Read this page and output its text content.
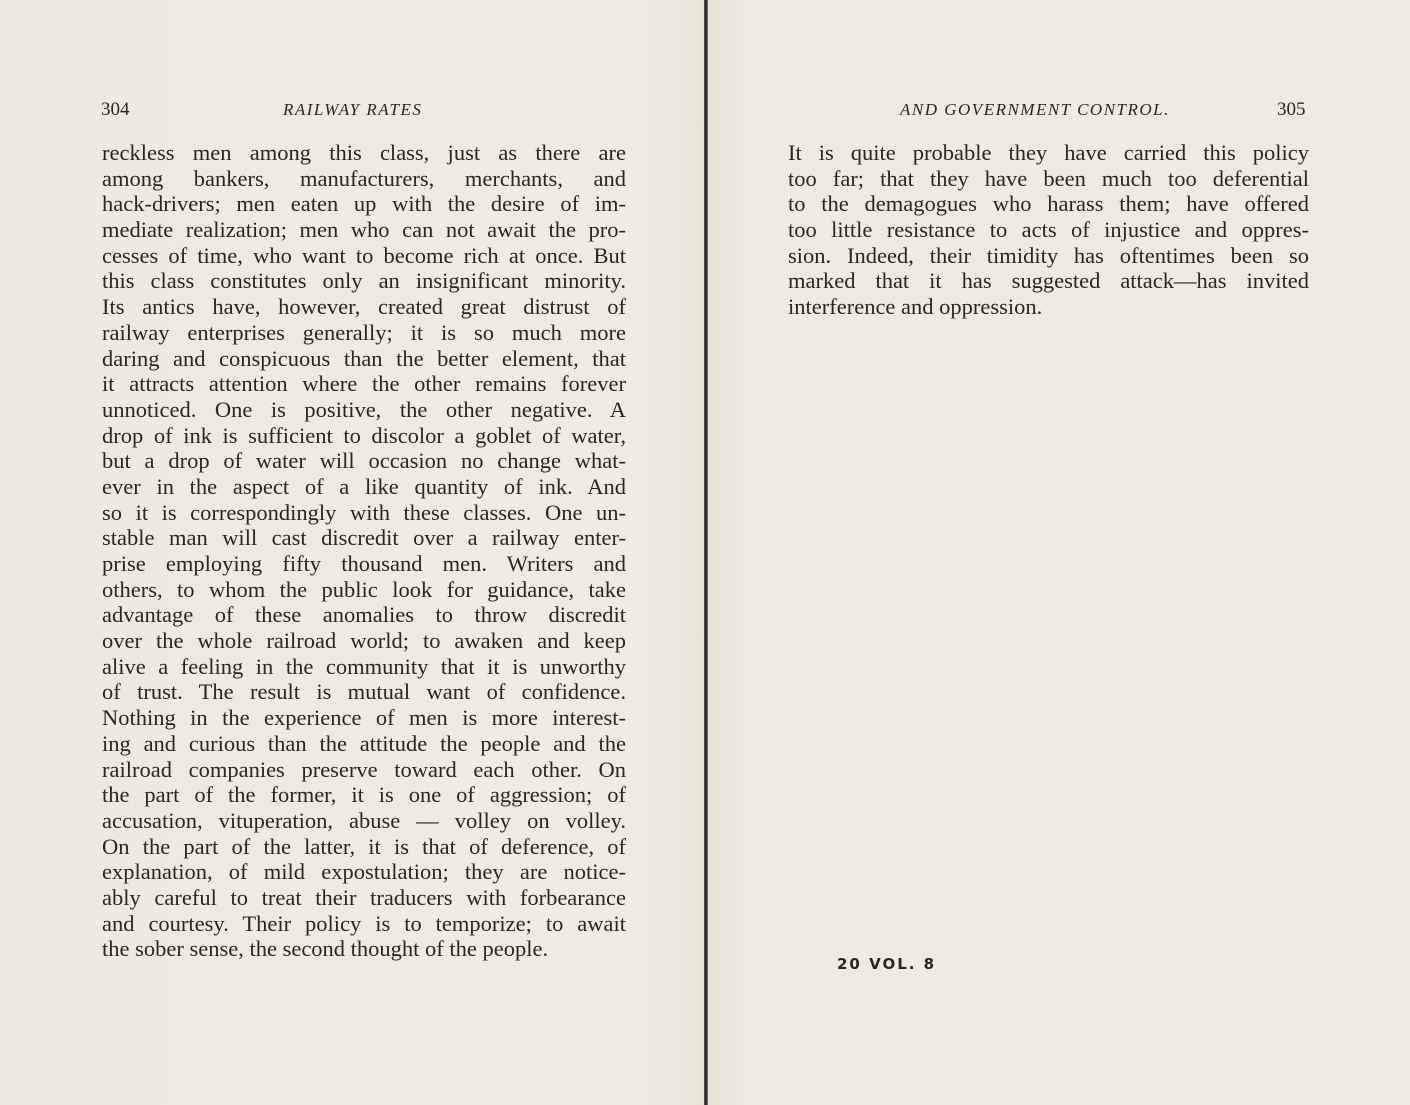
304	RAILWAY RATES
reckless men among this class, just as there are
among bankers, manufacturers, merchants, and
hack-drivers; men eaten up with the desire of im-
mediate realization; men who can not await the pro-
cesses of time, who want to become rich at once. But
this class constitutes only an insignificant minority.
Its antics have, however, created great distrust of
railway enterprises generally; it is so much more
daring and conspicuous than the better element, that
it attracts attention where the other remains forever
unnoticed. One is positive, the other negative. A
drop of ink is sufficient to discolor a goblet of water,
but a drop of water will occasion no change what-
ever in the aspect of a like quantity of ink. And
so it is correspondingly with these classes. One un-
stable man will cast discredit over a railway enter-
prise employing fifty thousand men. Writers and
others, to whom the public look for guidance, take
advantage of these anomalies to throw discredit
over the whole railroad world; to awaken and keep
alive a feeling in the community that it is unworthy
of trust. The result is mutual want of confidence.
Nothing in the experience of men is more interest-
ing and curious than the attitude the people and the
railroad companies preserve toward each other. On
the part of the former, it is one of aggression; of
accusation, vituperation, abuse — volley on volley.
On the part of the latter, it is that of deference, of
explanation, of mild expostulation; they are notice-
ably careful to treat their traducers with forbearance
and courtesy. Their policy is to temporize; to await
the sober sense, the second thought of the people.
AND GOVERNMENT CONTROL.	305
It is quite probable they have carried this policy
too far; that they have been much too deferential
to the demagogues who harass them; have offered
too little resistance to acts of injustice and oppres-
sion. Indeed, their timidity has oftentimes been so
marked that it has suggested attack—has invited
interference and oppression.
20 VOL. 8
